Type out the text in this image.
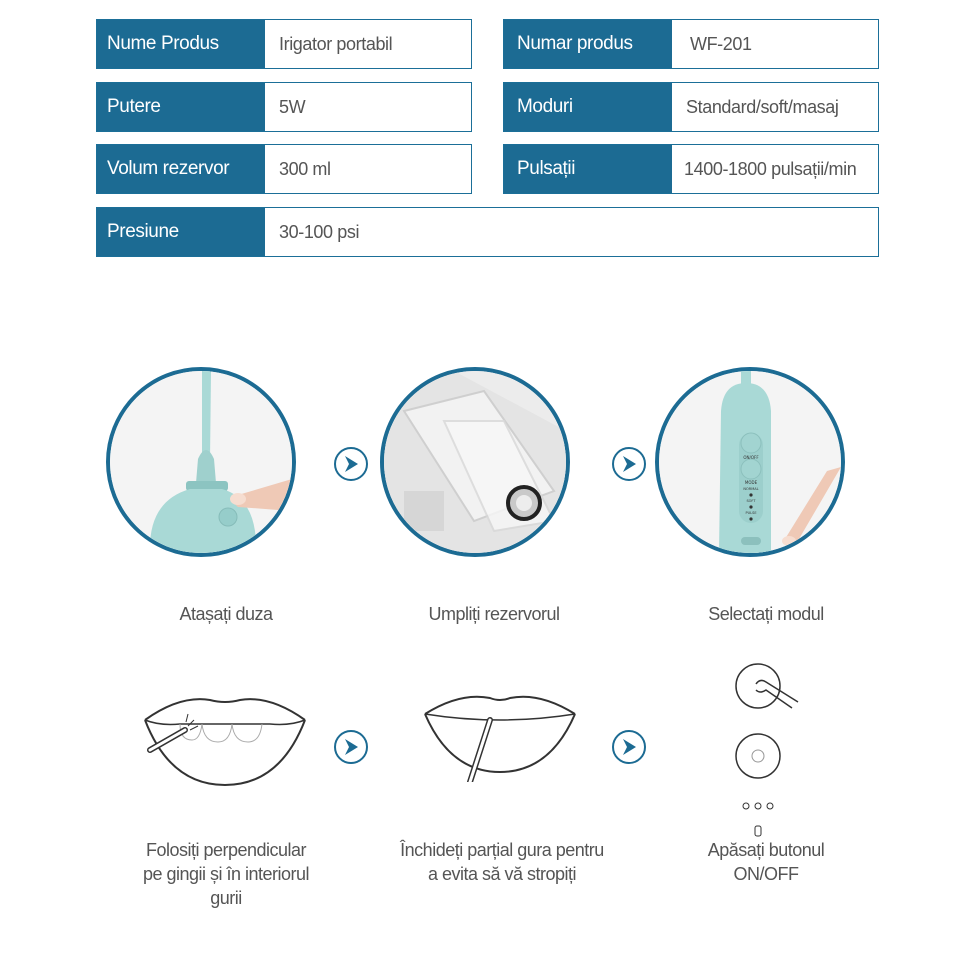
Nume Produs	Irigator portabil	Numar produs	WF-201
Putere	5W	Moduri	Standard/soft/masaj
Volum rezervor	300 ml	Pulsații	1400-1800 pulsații/min
Presiune	30-100 psi
ON/OFF
MODE
NORMAL
SOFT
PULSE
Atașați duza	Umpliți rezervorul	Selectați modul
Folosiți perpendicular
pe gingii și în interiorul
gurii
Închideți parțial gura pentru
a evita să vă stropiți
Apăsați butonul
ON/OFF
